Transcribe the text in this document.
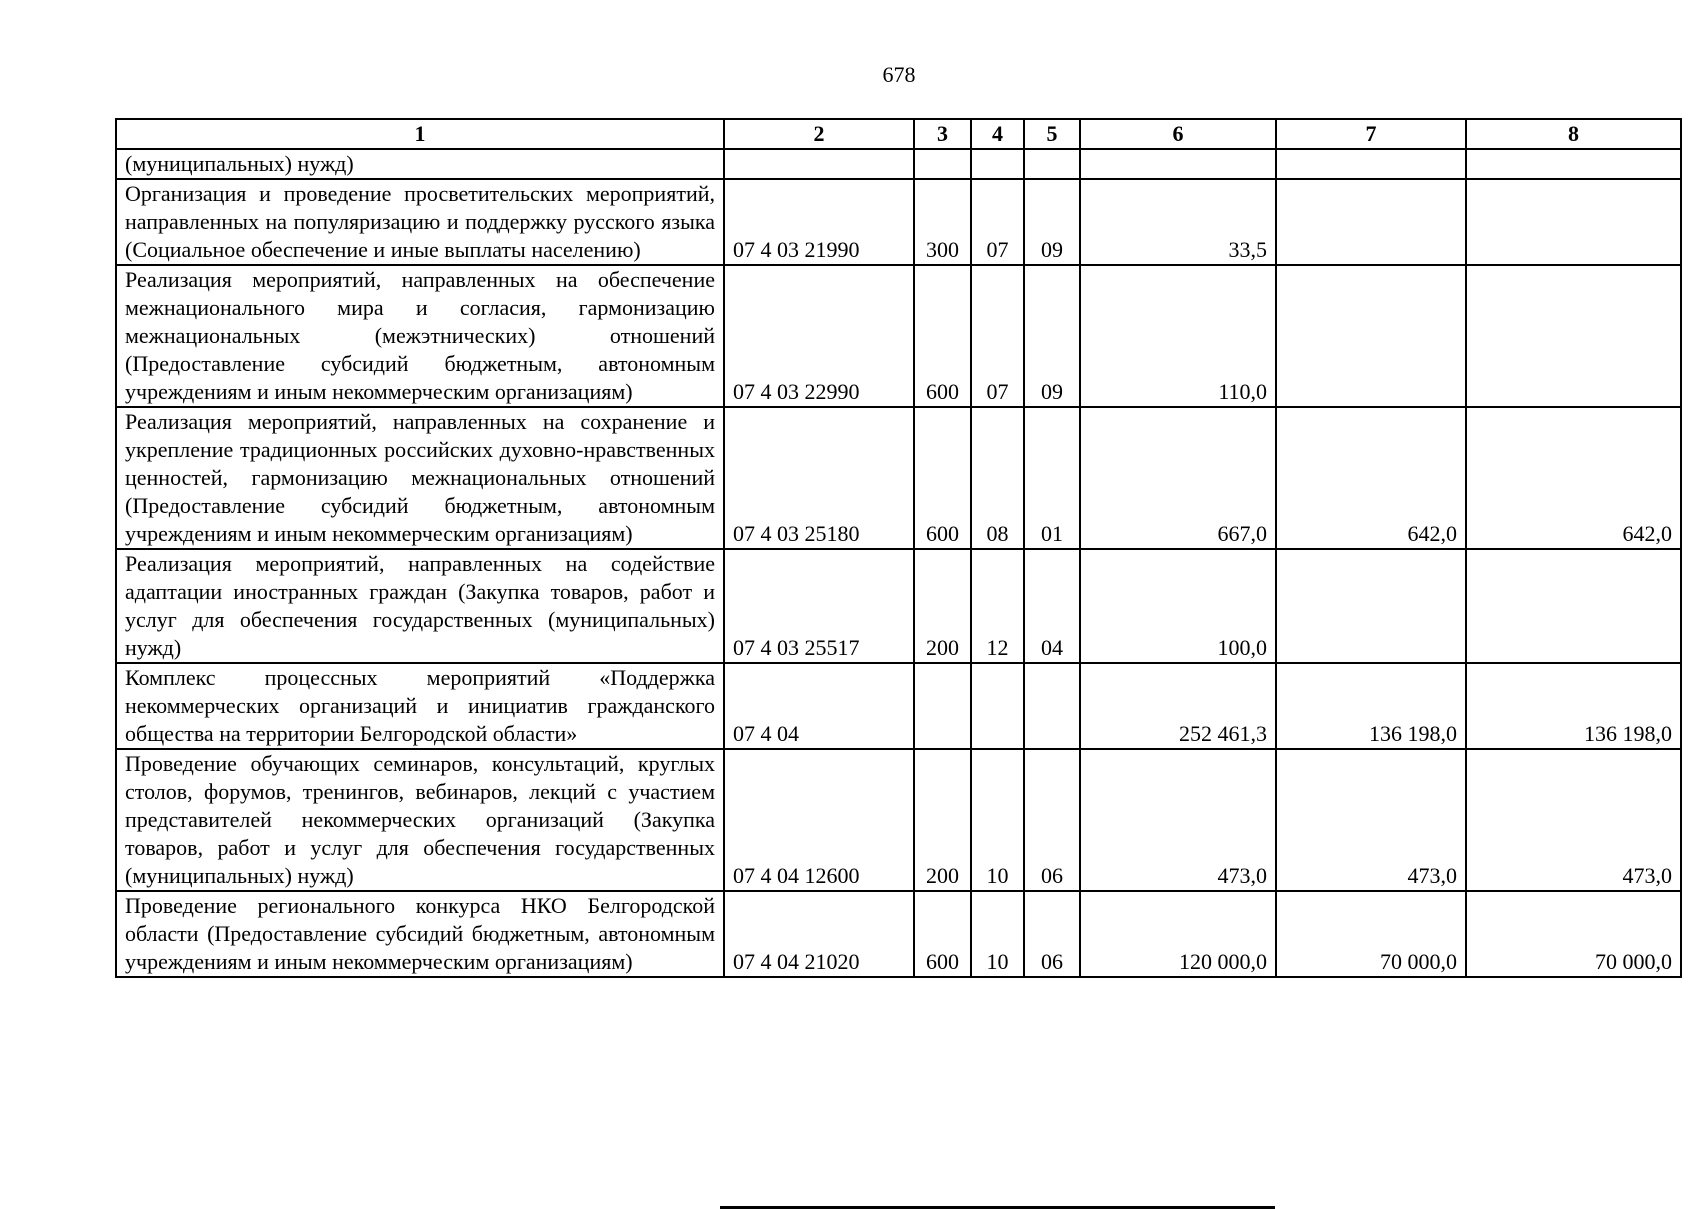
678
1	2	3	4	5	6	7	8
(муниципальных) нужд)							
Организация и проведение просветительских мероприятий, направленных на популяризацию и поддержку русского языка (Социальное обеспечение и иные выплаты населению)	07 4 03 21990	300	07	09	33,5		
Реализация мероприятий, направленных на обеспечение межнационального мира и согласия, гармонизацию межнациональных (межэтнических) отношений (Предоставление субсидий бюджетным, автономным учреждениям и иным некоммерческим организациям)	07 4 03 22990	600	07	09	110,0		
Реализация мероприятий, направленных на сохранение и укрепление традиционных российских духовно-нравственных ценностей, гармонизацию межнациональных отношений (Предоставление субсидий бюджетным, автономным учреждениям и иным некоммерческим организациям)	07 4 03 25180	600	08	01	667,0	642,0	642,0
Реализация мероприятий, направленных на содействие адаптации иностранных граждан (Закупка товаров, работ и услуг для обеспечения государственных (муниципальных) нужд)	07 4 03 25517	200	12	04	100,0		
Комплекс процессных мероприятий «Поддержка некоммерческих организаций и инициатив гражданского общества на территории Белгородской области»	07 4 04				252 461,3	136 198,0	136 198,0
Проведение обучающих семинаров, консультаций, круглых столов, форумов, тренингов, вебинаров, лекций с участием представителей некоммерческих организаций (Закупка товаров, работ и услуг для обеспечения государственных (муниципальных) нужд)	07 4 04 12600	200	10	06	473,0	473,0	473,0
Проведение регионального конкурса НКО Белгородской области (Предоставление субсидий бюджетным, автономным учреждениям и иным некоммерческим организациям)	07 4 04 21020	600	10	06	120 000,0	70 000,0	70 000,0
